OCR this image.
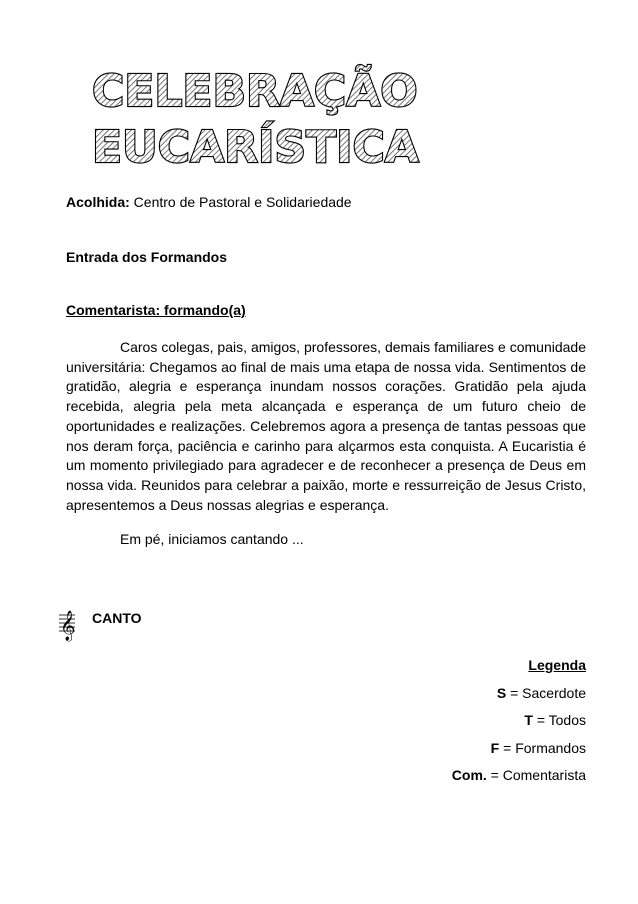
CELEBRAÇÃO
EUCARÍSTICA
Acolhida: Centro de Pastoral e Solidariedade
Entrada dos Formandos
Comentarista: formando(a)

Caros colegas, pais, amigos, professores, demais familiares e comunidade universitária: Chegamos ao final de mais uma etapa de nossa vida. Sentimentos de gratidão, alegria e esperança inundam nossos corações. Gratidão pela ajuda recebida, alegria pela meta alcançada e esperança de um futuro cheio de oportunidades e realizações. Celebremos agora a presença de tantas pessoas que nos deram força, paciência e carinho para alçarmos esta conquista. A Eucaristia é um momento privilegiado para agradecer e de reconhecer a presença de Deus em nossa vida. Reunidos para celebrar a paixão, morte e ressurreição de Jesus Cristo, apresentemos a Deus nossas alegrias e esperança.

Em pé, iniciamos cantando ...
𝄞 CANTO
Legenda
S = Sacerdote
T = Todos
F = Formandos
Com. = Comentarista
